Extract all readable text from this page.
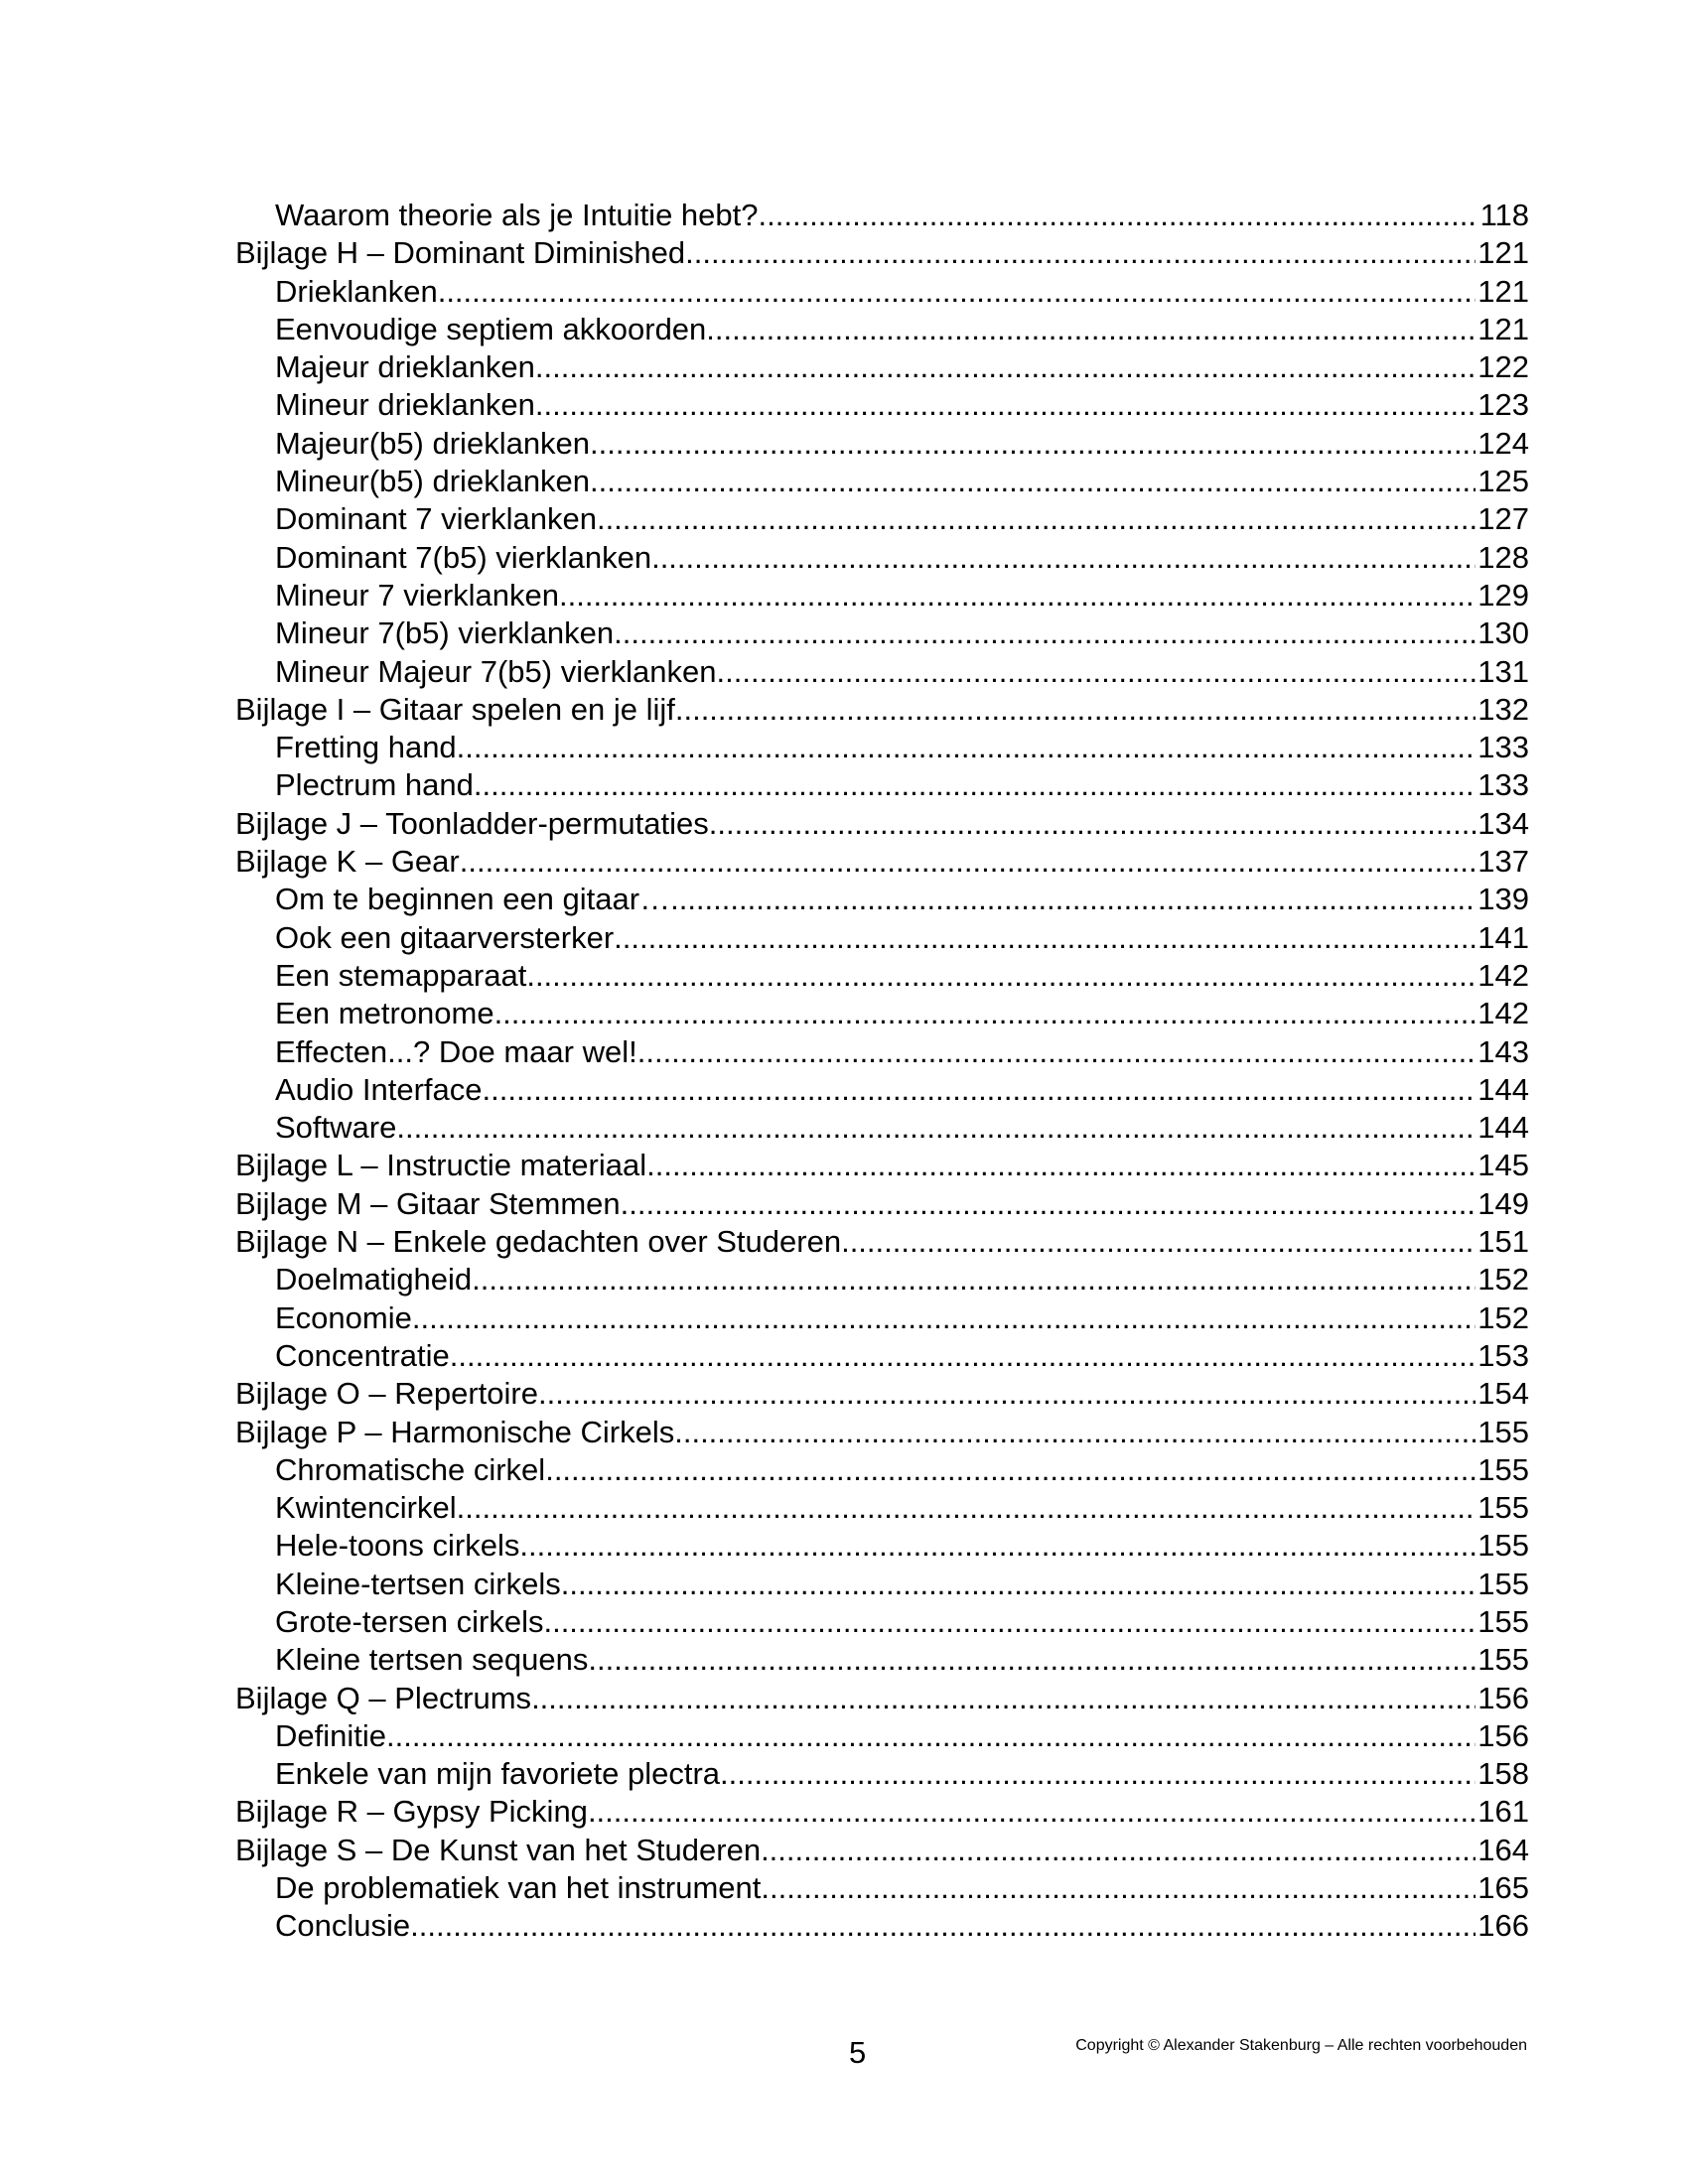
Waarom theorie als je Intuitie hebt? .....	118
Bijlage H – Dominant Diminished .....	121
Drieklanken .....	121
Eenvoudige septiem akkoorden .....	121
Majeur drieklanken .....	122
Mineur drieklanken .....	123
Majeur(b5) drieklanken .....	124
Mineur(b5) drieklanken .....	125
Dominant 7 vierklanken .....	127
Dominant 7(b5) vierklanken .....	128
Mineur 7 vierklanken .....	129
Mineur 7(b5) vierklanken .....	130
Mineur Majeur 7(b5) vierklanken .....	131
Bijlage I – Gitaar spelen en je lijf .....	132
Fretting hand .....	133
Plectrum hand .....	133
Bijlage J – Toonladder-permutaties .....	134
Bijlage K – Gear .....	137
Om te beginnen een gitaar… .....	139
Ook een gitaarversterker .....	141
Een stemapparaat .....	142
Een metronome .....	142
Effecten...? Doe maar wel! .....	143
Audio Interface .....	144
Software .....	144
Bijlage L – Instructie materiaal .....	145
Bijlage M – Gitaar Stemmen .....	149
Bijlage N – Enkele gedachten over Studeren .....	151
Doelmatigheid .....	152
Economie .....	152
Concentratie .....	153
Bijlage O – Repertoire .....	154
Bijlage P – Harmonische Cirkels .....	155
Chromatische cirkel .....	155
Kwintencirkel .....	155
Hele-toons cirkels .....	155
Kleine-tertsen cirkels .....	155
Grote-tersen cirkels .....	155
Kleine tertsen sequens .....	155
Bijlage Q – Plectrums .....	156
Definitie .....	156
Enkele van mijn favoriete plectra .....	158
Bijlage R – Gypsy Picking .....	161
Bijlage S – De Kunst van het Studeren .....	164
De problematiek van het instrument .....	165
Conclusie .....	166
5	Copyright © Alexander Stakenburg – Alle rechten voorbehouden
